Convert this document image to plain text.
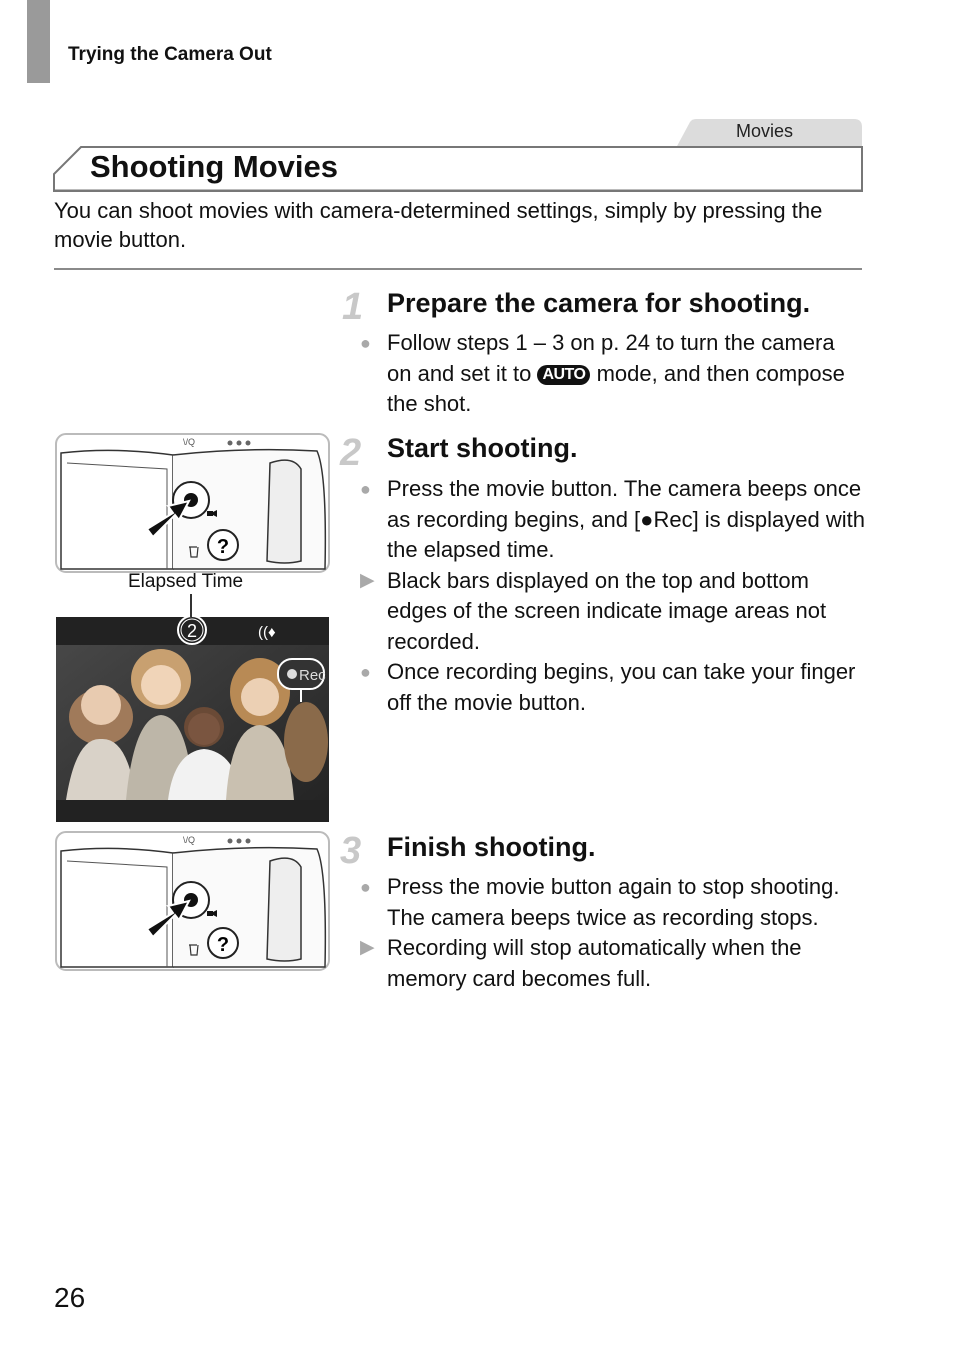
Trying the Camera Out
Movies
Shooting Movies
You can shoot movies with camera-determined settings, simply by pressing the movie button.
1 Prepare the camera for shooting.
● Follow steps 1 – 3 on p. 24 to turn the camera on and set it to AUTO mode, and then compose the shot.
2 Start shooting.
● Press the movie button. The camera beeps once as recording begins, and [●Rec] is displayed with the elapsed time.
▶ Black bars displayed on the top and bottom edges of the screen indicate image areas not recorded.
● Once recording begins, you can take your finger off the movie button.
3 Finish shooting.
● Press the movie button again to stop shooting. The camera beeps twice as recording stops.
▶ Recording will stop automatically when the memory card becomes full.
\/Q
?
Elapsed Time
2	((♦
Rec
\/Q
?
26
